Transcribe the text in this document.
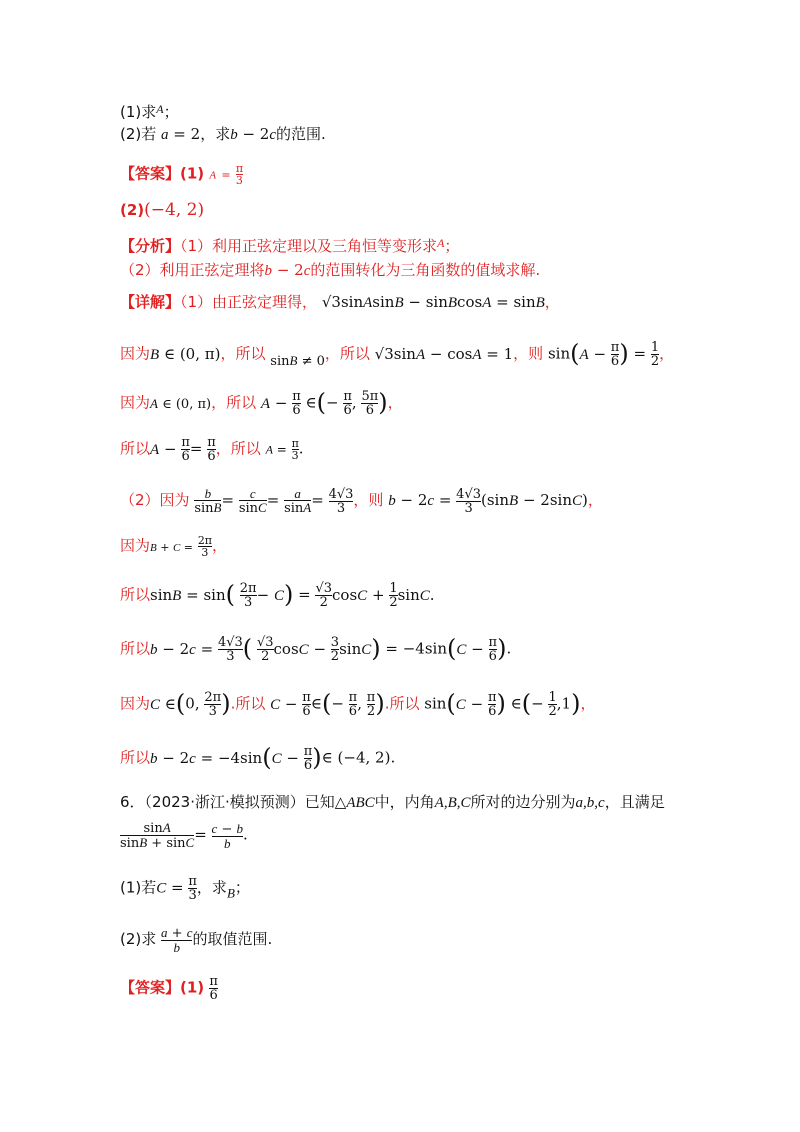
(1)求$^A$；
(2)若 a = 2，求b − 2c的范围.
【答案】(1) $A = \frac{\pi}{3}$
(2)(−4, 2)
【分析】（1）利用正弦定理以及三角恒等变形求$^A$；
（2）利用正弦定理将b − 2c的范围转化为三角函数的值域求解.
【详解】（1）由正弦定理得， √3sinAsinB − sinBcosA = sinB，
因为B ∈ (0, π)，所以 sinB ≠ 0，所以 √3sinA − cosA = 1，则 $\sin(A - \frac{\pi}{6}$ ) = $\frac{1}{2}$ ，
因为A ∈ (0, π)，所以 $A - \frac{\pi}{6}$ ∈(− $\frac{\pi}{6}$ , $\frac{5\pi}{6}$ )，
所以$A - \frac{\pi}{6} = \frac{\pi}{6}$ ，所以 $A = \frac{\pi}{3}$ .
（2）因为 $\frac{b}{\sin B} = \frac{c}{\sin C} = \frac{a}{\sin A} = \frac{4√3}{3}$ ，则 $b - 2c = \frac{4√3}{3} (\sin B - 2\sin C)$，
因为$B + C = \frac{2\pi}{3}$ ，
所以$\sin B = \sin( \frac{2\pi}{3} - C) = \frac{√3}{2}$ $\cos C + \frac{1}{2} \sin C$.
所以$b - 2c = \frac{4√3}{3}$ ( $\frac{√3}{2}$ $\cos C - \frac{3}{2} \sin C) = -4\sin(C - \frac{\pi}{6}$ ).
因为C ∈(0, $\frac{2\pi}{3}$ ).所以 $C - \frac{\pi}{6}$ ∈(− $\frac{\pi}{6}$ , $\frac{\pi}{2}$ ).所以 $\sin(C - \frac{\pi}{6}$ ) ∈(− $\frac{1}{2} ,1$)，
所以$b - 2c = -4\sin(C - \frac{\pi}{6}$ )∈ (−4, 2).
6．（2023·浙江·模拟预测）已知△ABC中，内角A,B,C所对的边分别为a,b,c，且满足
$\frac{\sin A}{\sin B + \sin C} = \frac{c - b}{b}$ .
(1)若$C = \frac{\pi}{3}$ ，求B；
(2)求 $\frac{a + c}{b}$ 的取值范围.
【答案】$(1) \frac{\pi}{6}$
